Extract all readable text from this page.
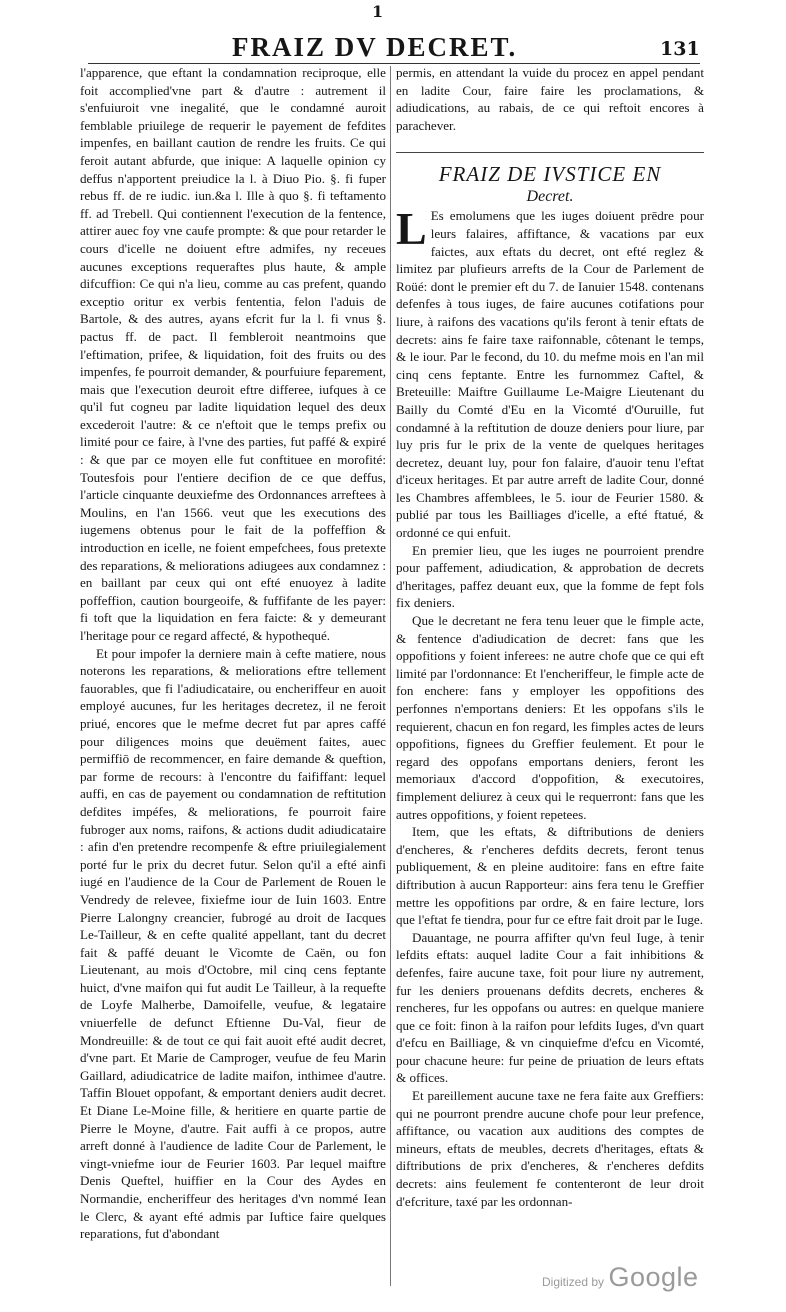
1
FRAIZ DV DECRET.	131

l'apparence, que eftant la condamnation reciproque, elle foit accomplied'vne part & d'autre : autrement il s'enfuiuroit vne inegalité, que le condamné auroit femblable priuilege de requerir le payement de fefdites impenfes, en baillant caution de rendre les fruits. Ce qui feroit autant abfurde, que inique: A laquelle opinion cy deffus n'apportent preiudice la l. à Diuo Pio. §. fi fuper rebus ff. de re iudic. iun.&a l. Ille à quo §. fi teftamento ff. ad Trebell. Qui contiennent l'execution de la fentence, attirer auec foy vne caufe prompte: & que pour retarder le cours d'icelle ne doiuent eftre admifes, ny receues aucunes exceptions requeraftes plus haute, & ample difcuffion: Ce qui n'a lieu, comme au cas prefent, quando exceptio oritur ex verbis fententia, felon l'aduis de Bartole, & des autres, ayans efcrit fur la l. fi vnus §. pactus ff. de pact. Il fembleroit neantmoins que l'eftimation, prifee, & liquidation, foit des fruits ou des impenfes, fe pourroit demander, & pourfuiure feparement, mais que l'execution deuroit eftre differee, iufques à ce qu'il fut cogneu par ladite liquidation lequel des deux excederoit l'autre: & ce n'eftoit que le temps prefix ou limité pour ce faire, à l'vne des parties, fut paffé & expiré : & que par ce moyen elle fut conftituee en morofité: Toutesfois pour l'entiere decifion de ce que deffus, l'article cinquante deuxiefme des Ordonnances arreftees à Moulins, en l'an 1566. veut que les executions des iugemens obtenus pour le fait de la poffeffion & introduction en icelle, ne foient empefchees, fous pretexte des reparations, & meliorations adiugees aux condamnez : en baillant par ceux qui ont efté enuoyez à ladite poffeffion, caution bourgeoife, & fuffifante de les payer: fi toft que la liquidation en fera faicte: & y demeurant l'heritage pour ce regard affecté, & hypothequé.

Et pour impofer la derniere main à cefte matiere, nous noterons les reparations, & meliorations eftre tellement fauorables, que fi l'adiudicataire, ou encheriffeur en auoit employé aucunes, fur les heritages decretez, il ne feroit priué, encores que le mefme decret fut par apres caffé pour diligences moins que deuëment faites, auec permiffiō de recommencer, en faire demande & queftion, par forme de recours: à l'encontre du faififfant: lequel auffi, en cas de payement ou condamnation de reftitution defdites impéfes, & meliorations, fe pourroit faire fubroger aux noms, raifons, & actions dudit adiudicataire : afin d'en pretendre recompenfe & eftre priuilegialement porté fur le prix du decret futur. Selon qu'il a efté ainfi iugé en l'audience de la Cour de Parlement de Rouen le Vendredy de relevee, fixiefme iour de Iuin 1603. Entre Pierre Lalongny creancier, fubrogé au droit de Iacques Le-Tailleur, & en cefte qualité appellant, tant du decret fait & paffé deuant le Vicomte de Caën, ou fon Lieutenant, au mois d'Octobre, mil cinq cens feptante huict, d'vne maifon qui fut audit Le Tailleur, à la requefte de Loyfe Malherbe, Damoifelle, veufue, & legataire vniuerfelle de defunct Eftienne Du-Val, fieur de Mondreuille: & de tout ce qui fait auoit efté audit decret, d'vne part. Et Marie de Camproger, veufue de feu Marin Gaillard, adiudicatrice de ladite maifon, inthimee d'autre. Taffin Blouet oppofant, & emportant deniers audit decret. Et Diane Le-Moine fille, & heritiere en quarte partie de Pierre le Moyne, d'autre. Fait auffi à ce propos, autre arreft donné à l'audience de ladite Cour de Parlement, le vingt-vniefme iour de Feurier 1603. Par lequel maiftre Denis Queftel, huiffier en la Cour des Aydes en Normandie, encheriffeur des heritages d'vn nommé Iean le Clerc, & ayant efté admis par Iuftice faire quelques reparations, fut d'abondant

permis, en attendant la vuide du procez en appel pendant en ladite Cour, faire faire les proclamations, & adiudications, au rabais, de ce qui reftoit encores à parachever.

FRAIZ DE IVSTICE EN

Decret.

L Es emolumens que les iuges doiuent prēdre pour leurs falaires, affiftance, & vacations par eux faictes, aux eftats du decret, ont efté reglez & limitez par plufieurs arrefts de la Cour de Parlement de Roüé: dont le premier eft du 7. de Ianuier 1548. contenans defenfes à tous iuges, de faire aucunes cotifations pour liure, à raifons des vacations qu'ils feront à tenir eftats de decrets: ains fe faire taxe raifonnable, côtenant le temps, & le iour. Par le fecond, du 10. du mefme mois en l'an mil cinq cens feptante. Entre les furnommez Caftel, & Breteuille: Maiftre Guillaume Le-Maigre Lieutenant du Bailly du Comté d'Eu en la Vicomté d'Ouruille, fut condamné à la reftitution de douze deniers pour liure, par luy pris fur le prix de la vente de quelques heritages decretez, deuant luy, pour fon falaire, d'auoir tenu l'eftat d'iceux heritages. Et par autre arreft de ladite Cour, donné les Chambres affemblees, le 5. iour de Feurier 1580. & publié par tous les Bailliages d'icelle, a efté ftatué, & ordonné ce qui enfuit.

En premier lieu, que les iuges ne pourroient prendre pour paffement, adiudication, & approbation de decrets d'heritages, paffez deuant eux, que la fomme de fept fols fix deniers.

Que le decretant ne fera tenu leuer que le fimple acte, & fentence d'adiudication de decret: fans que les oppofitions y foient inferees: ne autre chofe que ce qui eft limité par l'ordonnance: Et l'encheriffeur, le fimple acte de fon enchere: fans y employer les oppofitions des perfonnes n'emportans deniers: Et les oppofans s'ils le requierent, chacun en fon regard, les fimples actes de leurs oppofitions, fignees du Greffier feulement. Et pour le regard des oppofans emportans deniers, feront les memoriaux d'accord d'oppofition, & executoires, fimplement deliurez à ceux qui le requerront: fans que les autres oppofitions, y foient repetees.

Item, que les eftats, & diftributions de deniers d'encheres, & r'encheres defdits decrets, feront tenus publiquement, & en pleine auditoire: fans en eftre faite diftribution à aucun Rapporteur: ains fera tenu le Greffier mettre les oppofitions par ordre, & en faire lecture, lors que l'eftat fe tiendra, pour fur ce eftre fait droit par le Iuge.

Dauantage, ne pourra affifter qu'vn feul Iuge, à tenir lefdits eftats: auquel ladite Cour a fait inhibitions & defenfes, faire aucune taxe, foit pour liure ny autrement, fur les deniers prouenans defdits decrets, encheres & rencheres, fur les oppofans ou autres: en quelque maniere que ce foit: finon à la raifon pour lefdits Iuges, d'vn quart d'efcu en Bailliage, & vn cinquiefme d'efcu en Vicomté, pour chacune heure: fur peine de priuation de leurs eftats & offices.

Et pareillement aucune taxe ne fera faite aux Greffiers: qui ne pourront prendre aucune chofe pour leur prefence, affiftance, ou vacation aux auditions des comptes de mineurs, eftats de meubles, decrets d'heritages, eftats & diftributions de prix d'encheres, & r'encheres defdits decrets: ains feulement fe contenteront de leur droit d'efcriture, taxé par les ordonnan-

Digitized by Google
